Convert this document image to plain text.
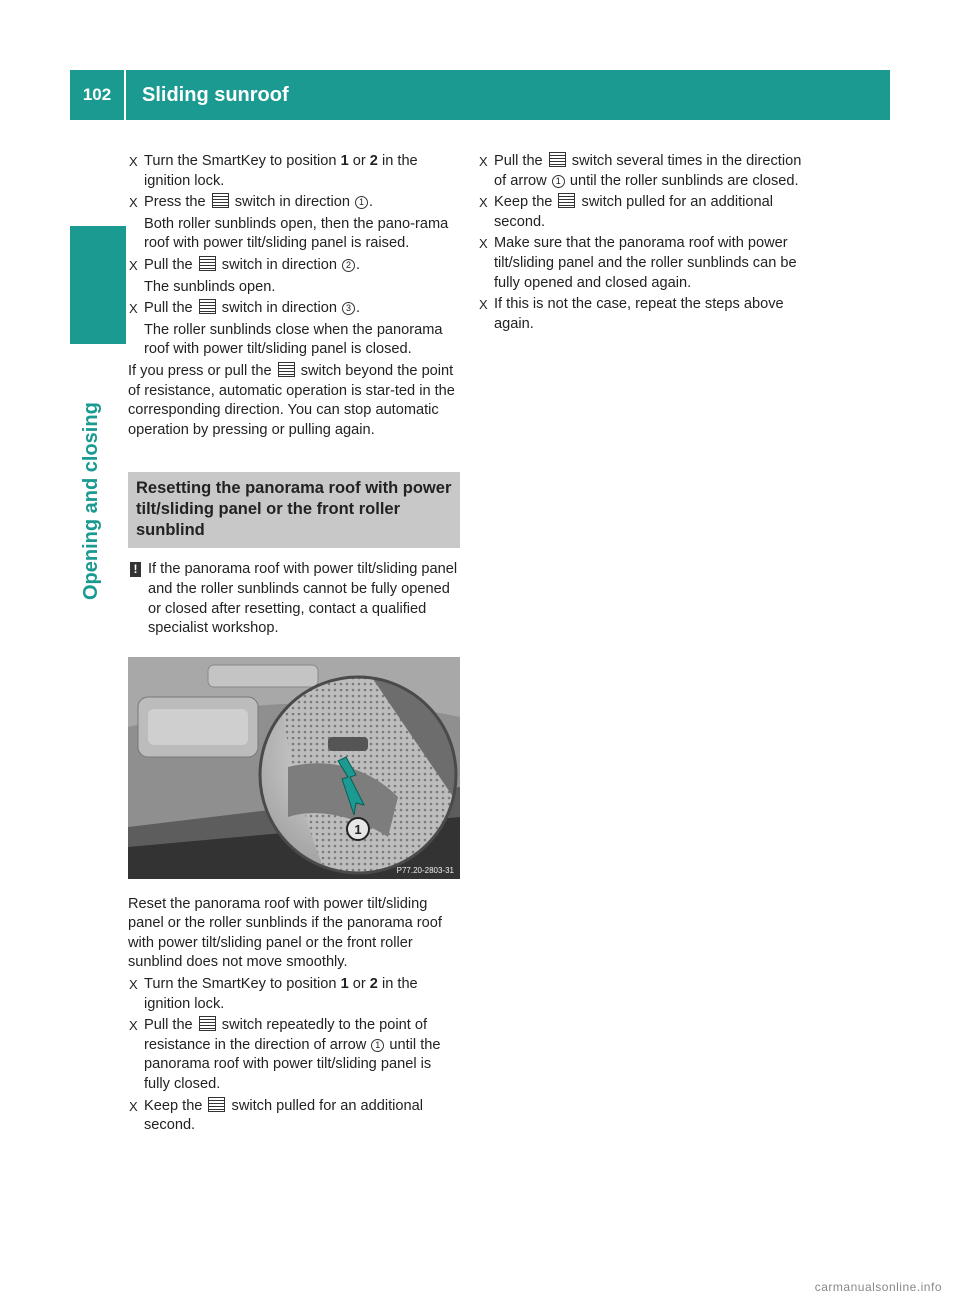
102	Sliding sunroof
Opening and closing
X Turn the SmartKey to position 1 or 2 in the ignition lock.
X Press the  switch in direction 1 .
Both roller sunblinds open, then the pano-rama roof with power tilt/sliding panel is raised.
X Pull the  switch in direction 2 .
The sunblinds open.
X Pull the  switch in direction 3 .
The roller sunblinds close when the panorama roof with power tilt/sliding panel is closed.
If you press or pull the  switch beyond the point of resistance, automatic operation is star-ted in the corresponding direction. You can stop automatic operation by pressing or pulling again.
Resetting the panorama roof with power tilt/sliding panel or the front roller sunblind
! If the panorama roof with power tilt/sliding panel and the roller sunblinds cannot be fully opened or closed after resetting, contact a qualified specialist workshop.
1
P77.20-2803-31
Reset the panorama roof with power tilt/sliding panel or the roller sunblinds if the panorama roof with power tilt/sliding panel or the front roller sunblind does not move smoothly.
X Turn the SmartKey to position 1 or 2 in the ignition lock.
X Pull the  switch repeatedly to the point of resistance in the direction of arrow 1 until the panorama roof with power tilt/sliding panel is fully closed.
X Keep the  switch pulled for an additional second.
X Pull the  switch several times in the direction of arrow 1 until the roller sunblinds are closed.
X Keep the  switch pulled for an additional second.
X Make sure that the panorama roof with power tilt/sliding panel and the roller sunblinds can be fully opened and closed again.
X If this is not the case, repeat the steps above again.
carmanualsonline.info
